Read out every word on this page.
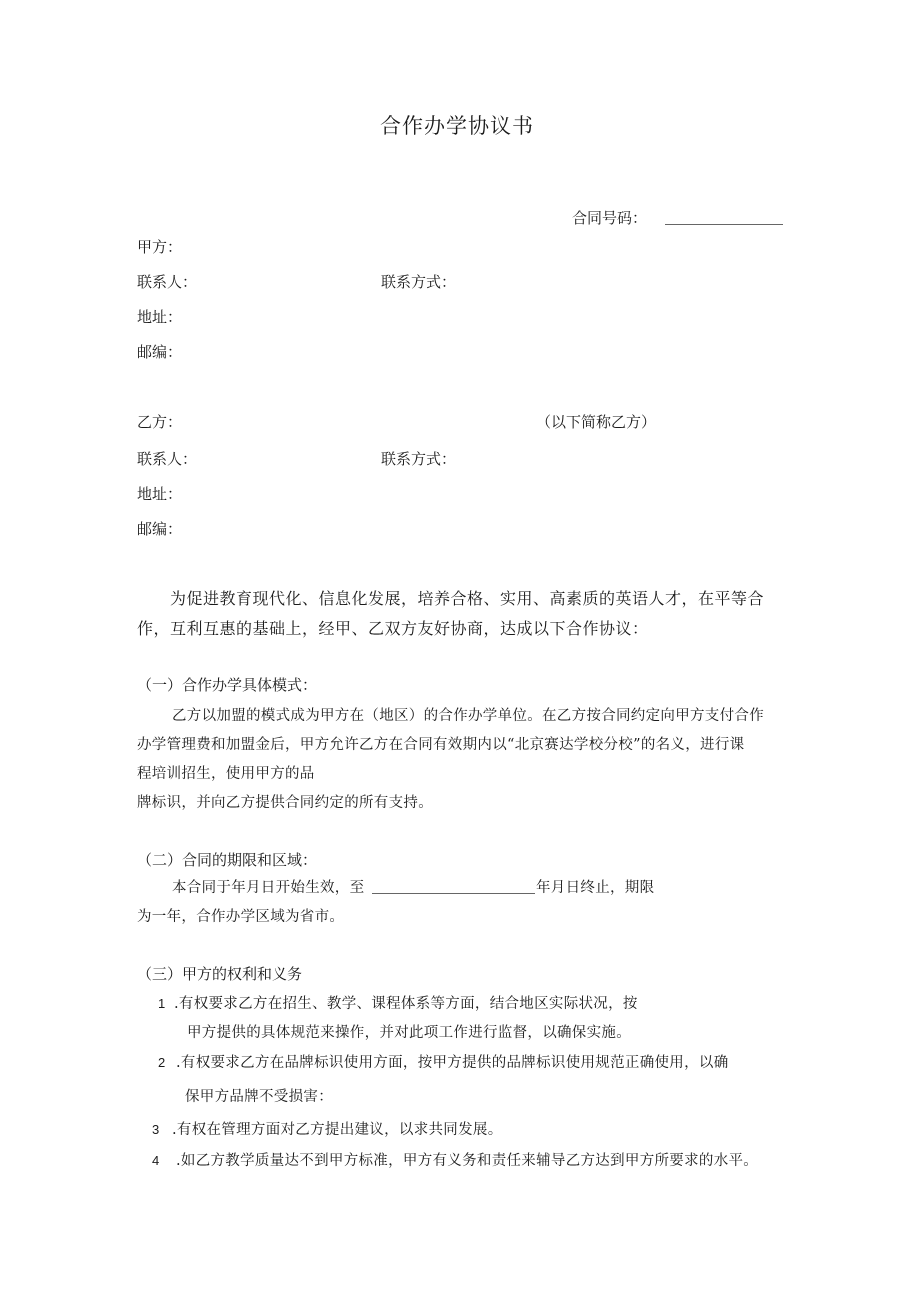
合作办学协议书
合同号码：
甲方：
联系人：	联系方式：
地址：
邮编：
乙方：	（以下简称乙方）
联系人：	联系方式：
地址：
邮编：
为促进教育现代化、信息化发展，培养合格、实用、高素质的英语人才，在平等合
作，互利互惠的基础上，经甲、乙双方友好协商，达成以下合作协议：
（一）合作办学具体模式：
乙方以加盟的模式成为甲方在（地区）的合作办学单位。在乙方按合同约定向甲方支付合作
办学管理费和加盟金后，甲方允许乙方在合同有效期内以“北京赛达学校分校”的名义，进行课
程培训招生，使用甲方的品
牌标识，并向乙方提供合同约定的所有支持。
（二）合同的期限和区域：
本合同于年月日开始生效，至	年月日终止，期限
为一年，合作办学区域为省市。
（三）甲方的权利和义务
1 .有权要求乙方在招生、教学、课程体系等方面，结合地区实际状况，按
甲方提供的具体规范来操作，并对此项工作进行监督，以确保实施。
2 .有权要求乙方在品牌标识使用方面，按甲方提供的品牌标识使用规范正确使用，以确
保甲方品牌不受损害：
3 .有权在管理方面对乙方提出建议，以求共同发展。
4 .如乙方教学质量达不到甲方标准，甲方有义务和责任来辅导乙方达到甲方所要求的水平。
